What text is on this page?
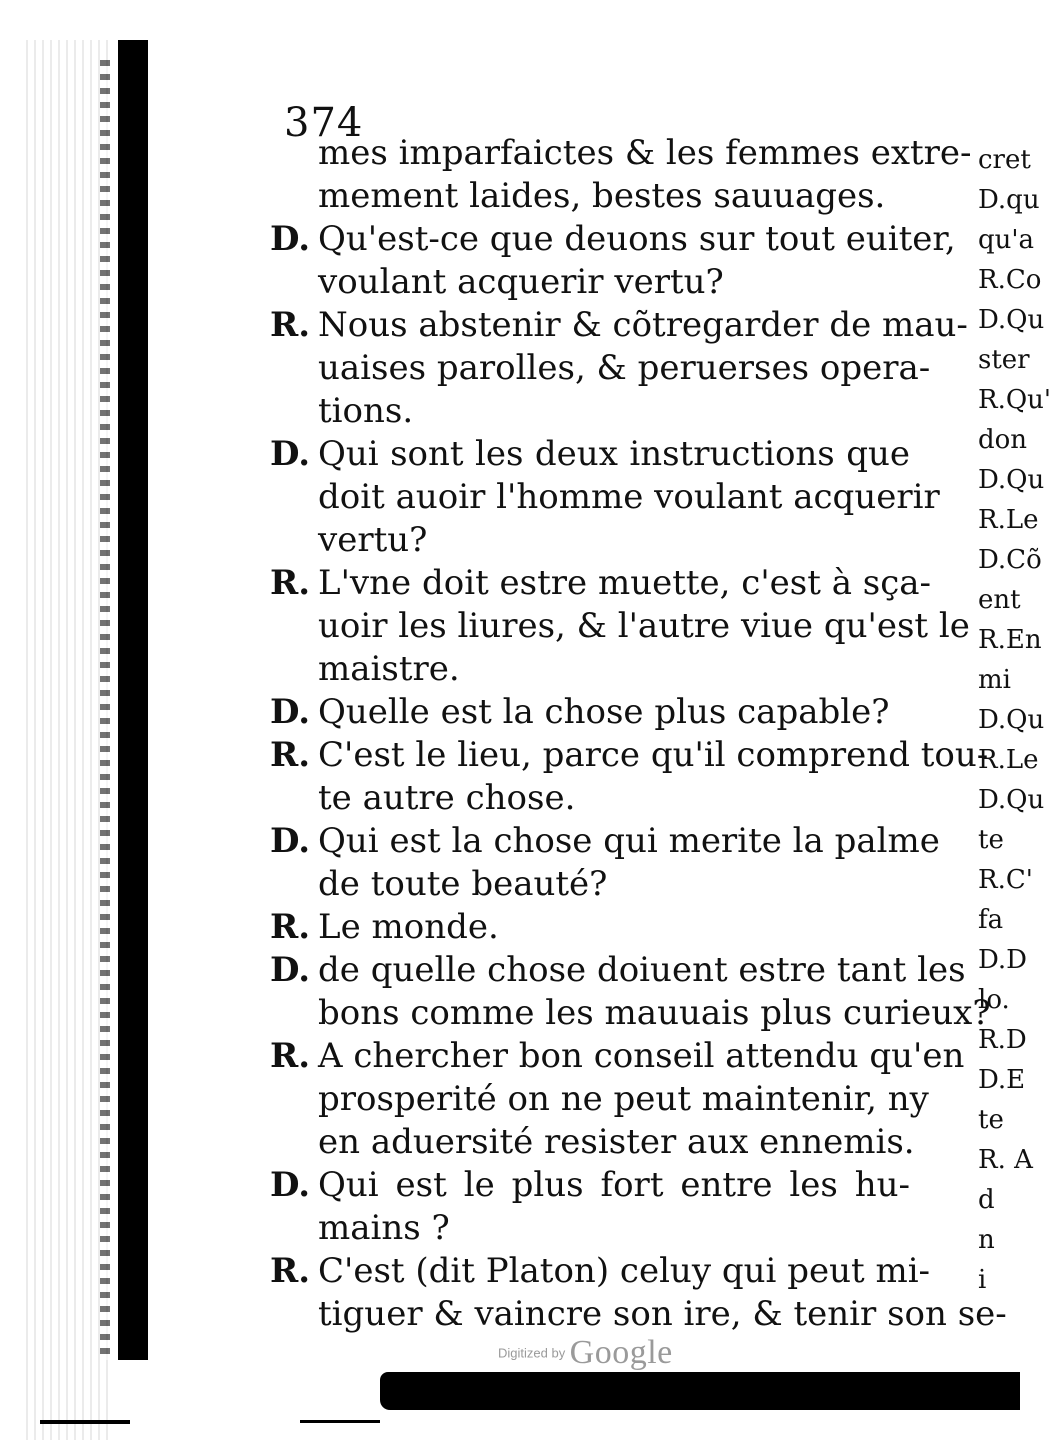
374
mes imparfaictes & les femmes extre-
mement laides, bestes sauuages.
D. Qu'est-ce que deuons sur tout euiter,
voulant acquerir vertu?
R. Nous abstenir & cõtregarder de mau-
uaises parolles, & peruerses opera-
tions.
D. Qui sont les deux instructions que
doit auoir l'homme voulant acquerir
vertu?
R. L'vne doit estre muette, c'est à sça-
uoir les liures, & l'autre viue qu'est le
maistre.
D. Quelle est la chose plus capable?
R. C'est le lieu, parce qu'il comprend tou-
te autre chose.
D. Qui est la chose qui merite la palme
de toute beauté?
R. Le monde.
D. de quelle chose doiuent estre tant les
bons comme les mauuais plus curieux?
R. A chercher bon conseil attendu qu'en
prosperité on ne peut maintenir, ny
en aduersité resister aux ennemis.
D. Qui est le plus fort entre les hu-
mains ?
R. C'est (dit Platon) celuy qui peut mi-
tiguer & vaincre son ire, & tenir son se-
cret
D.qu
qu'a
R.Co
D.Qu
ster
R.Qu'
don
D.Qu
R.Le
D.Cõ
ent
R.En
mi
D.Qu
R.Le
D.Qu
te
R.C'
fa
D.D
lo.
R.D
D.E
te
R. A
d
n
i
Digitized by Google
